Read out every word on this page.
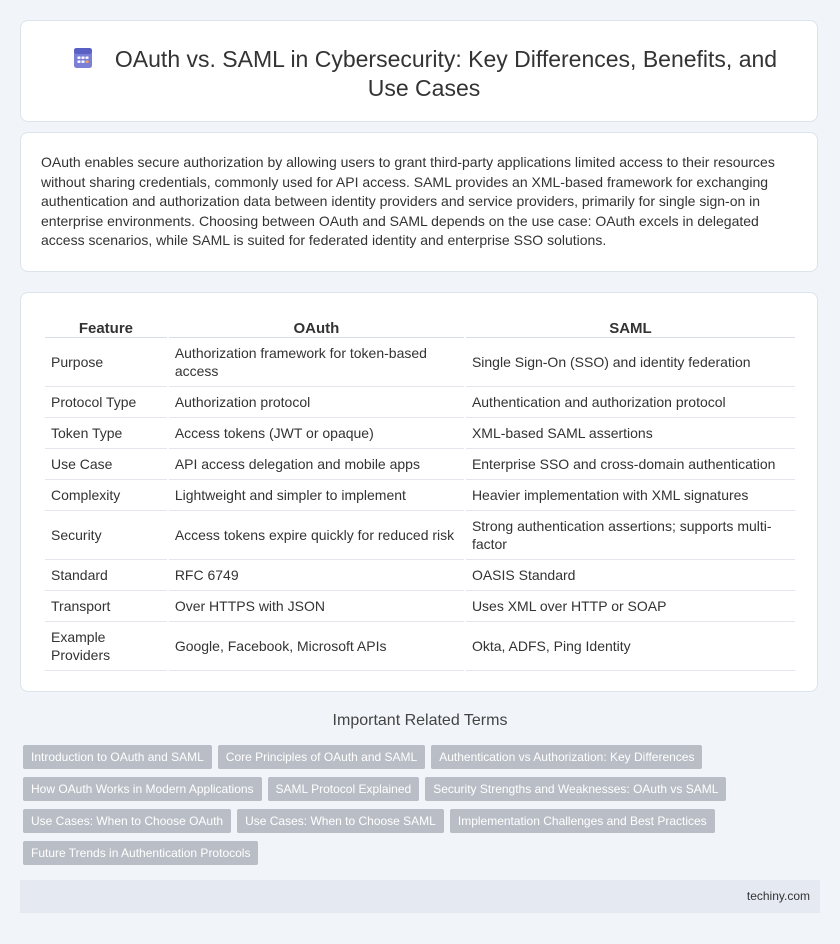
OAuth vs. SAML in Cybersecurity: Key Differences, Benefits, and Use Cases

OAuth enables secure authorization by allowing users to grant third-party applications limited access to their resources without sharing credentials, commonly used for API access. SAML provides an XML-based framework for exchanging authentication and authorization data between identity providers and service providers, primarily for single sign-on in enterprise environments. Choosing between OAuth and SAML depends on the use case: OAuth excels in delegated access scenarios, while SAML is suited for federated identity and enterprise SSO solutions.

Feature	OAuth	SAML
Purpose	Authorization framework for token-based access	Single Sign-On (SSO) and identity federation
Protocol Type	Authorization protocol	Authentication and authorization protocol
Token Type	Access tokens (JWT or opaque)	XML-based SAML assertions
Use Case	API access delegation and mobile apps	Enterprise SSO and cross-domain authentication
Complexity	Lightweight and simpler to implement	Heavier implementation with XML signatures
Security	Access tokens expire quickly for reduced risk	Strong authentication assertions; supports multi-factor
Standard	RFC 6749	OASIS Standard
Transport	Over HTTPS with JSON	Uses XML over HTTP or SOAP
Example Providers	Google, Facebook, Microsoft APIs	Okta, ADFS, Ping Identity
Important Related Terms
Introduction to OAuth and SAML	Core Principles of OAuth and SAML	Authentication vs Authorization: Key Differences
How OAuth Works in Modern Applications	SAML Protocol Explained	Security Strengths and Weaknesses: OAuth vs SAML
Use Cases: When to Choose OAuth	Use Cases: When to Choose SAML	Implementation Challenges and Best Practices
Future Trends in Authentication Protocols
techiny.com
